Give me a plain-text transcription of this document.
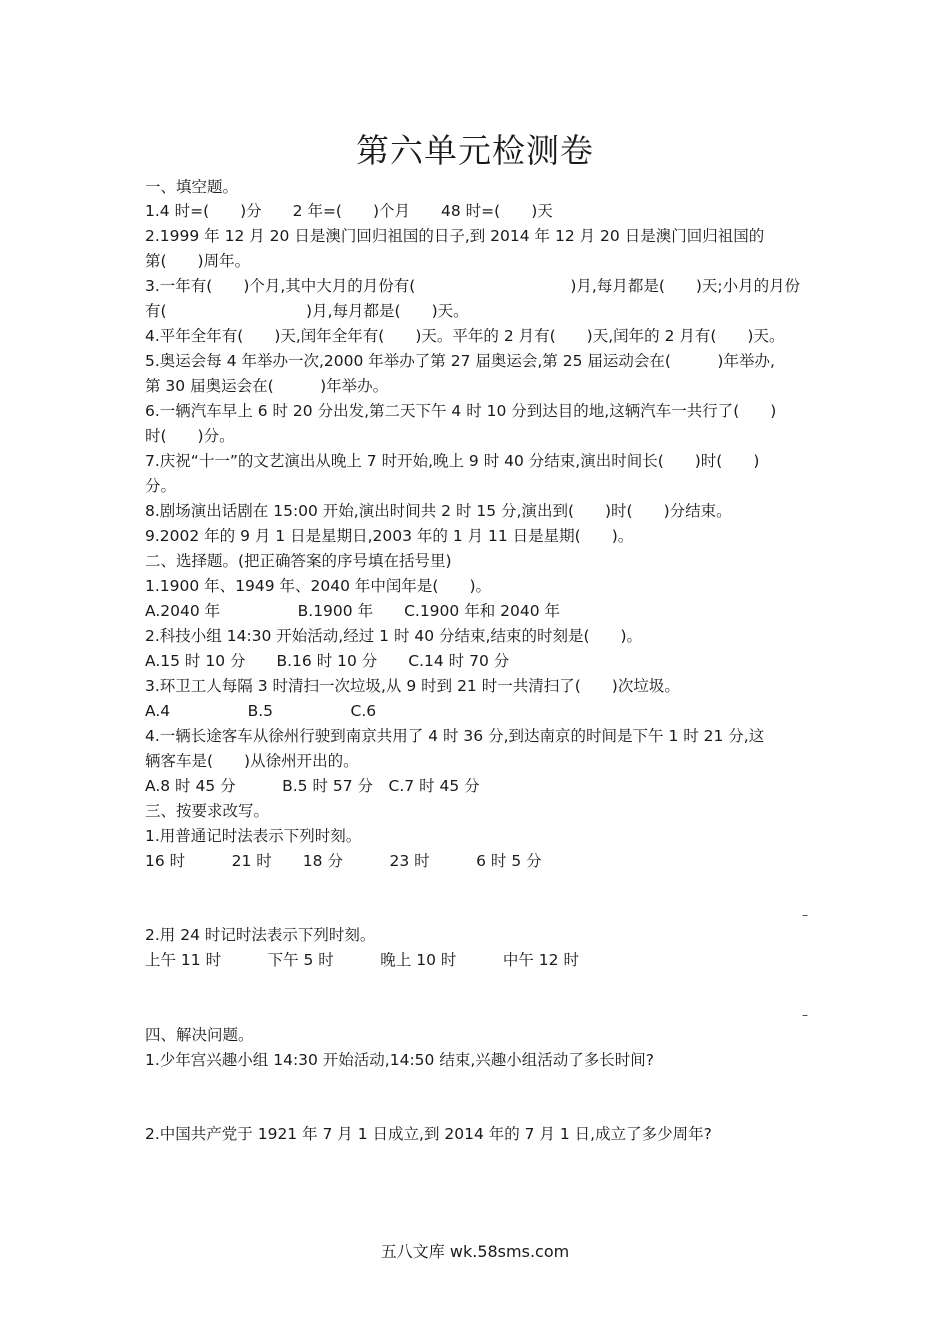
第六单元检测卷
一、填空题。
1.4 时=(　　)分　　2 年=(　　)个月　　48 时=(　　)天
2.1999 年 12 月 20 日是澳门回归祖国的日子,到 2014 年 12 月 20 日是澳门回归祖国的
第(　　)周年。
3.一年有(　　)个月,其中大月的月份有(　　　　　　　　　　)月,每月都是(　　)天;小月的月份
有(　　　　　　　　　)月,每月都是(　　)天。
4.平年全年有(　　)天,闰年全年有(　　)天。平年的 2 月有(　　)天,闰年的 2 月有(　　)天。
5.奥运会每 4 年举办一次,2000 年举办了第 27 届奥运会,第 25 届运动会在(　　　)年举办,
第 30 届奥运会在(　　　)年举办。
6.一辆汽车早上 6 时 20 分出发,第二天下午 4 时 10 分到达目的地,这辆汽车一共行了(　　)
时(　　)分。
7.庆祝“十一”的文艺演出从晚上 7 时开始,晚上 9 时 40 分结束,演出时间长(　　)时(　　)
分。
8.剧场演出话剧在 15:00 开始,演出时间共 2 时 15 分,演出到(　　)时(　　)分结束。
9.2002 年的 9 月 1 日是星期日,2003 年的 1 月 11 日是星期(　　)。
二、选择题。(把正确答案的序号填在括号里)
1.1900 年、1949 年、2040 年中闰年是(　　)。
A.2040 年　　　　　B.1900 年　　C.1900 年和 2040 年
2.科技小组 14:30 开始活动,经过 1 时 40 分结束,结束的时刻是(　　)。
A.15 时 10 分　　B.16 时 10 分　　C.14 时 70 分
3.环卫工人每隔 3 时清扫一次垃圾,从 9 时到 21 时一共清扫了(　　)次垃圾。
A.4　　　　　B.5　　　　　C.6
4.一辆长途客车从徐州行驶到南京共用了 4 时 36 分,到达南京的时间是下午 1 时 21 分,这
辆客车是(　　)从徐州开出的。
A.8 时 45 分　　　B.5 时 57 分　C.7 时 45 分
三、按要求改写。
1.用普通记时法表示下列时刻。
16 时　　　21 时　　18 分　　　23 时　　　6 时 5 分
–
2.用 24 时记时法表示下列时刻。
上午 11 时　　　下午 5 时　　　晚上 10 时　　　中午 12 时
–
四、解决问题。
1.少年宫兴趣小组 14:30 开始活动,14:50 结束,兴趣小组活动了多长时间?
2.中国共产党于 1921 年 7 月 1 日成立,到 2014 年的 7 月 1 日,成立了多少周年?
五八文库 wk.58sms.com
